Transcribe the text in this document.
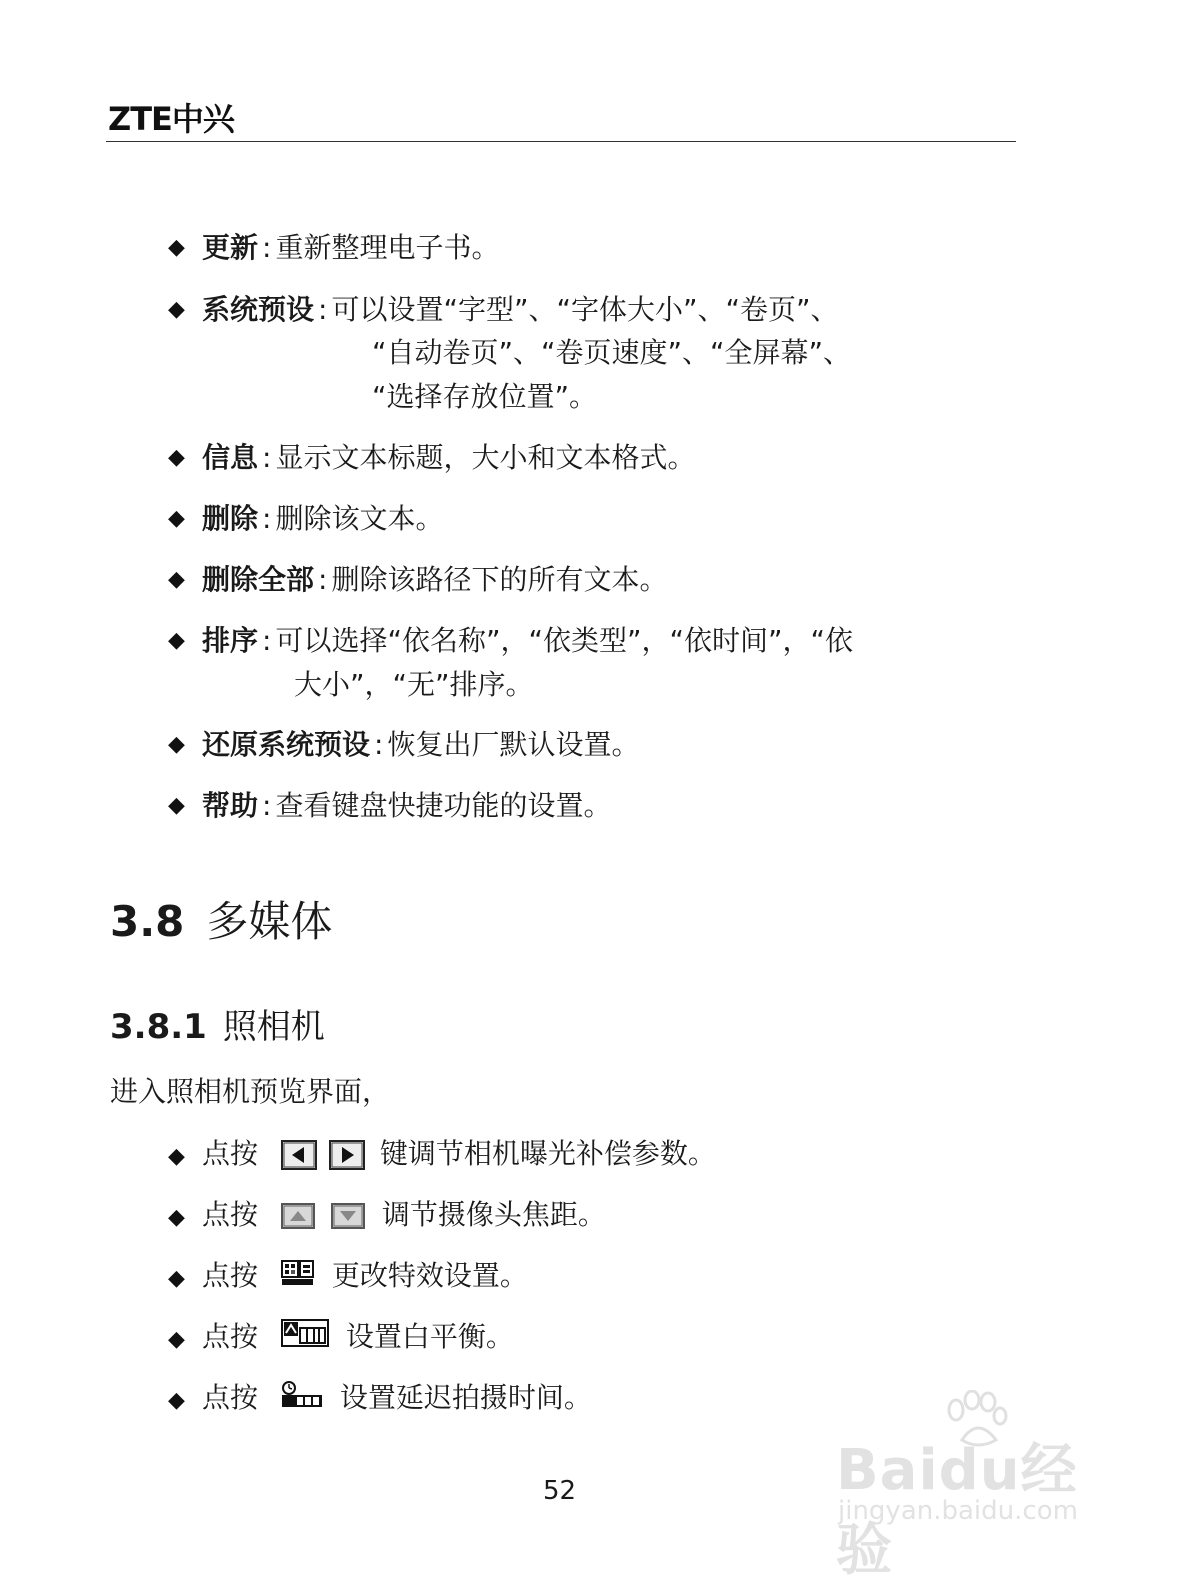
ZTE中兴
◆ 更新 : 重新整理电子书。
◆ 系统预设 : 可以设置“字型”、“字体大小”、“卷页”、
“自动卷页”、“卷页速度”、“全屏幕”、
“选择存放位置”。
◆ 信息 : 显示文本标题，大小和文本格式。
◆ 删除 : 删除该文本。
◆ 删除全部 : 删除该路径下的所有文本。
◆ 排序 : 可以选择“依名称”，“依类型”，“依时间”，“依
大小”，“无”排序。
◆ 还原系统预设 : 恢复出厂默认设置。
◆ 帮助 : 查看键盘快捷功能的设置。
3.8 多媒体
3.8.1 照相机
进入照相机预览界面，
◆ 点按	键调节相机曝光补偿参数。
◆ 点按	调节摄像头焦距。
◆ 点按	更改特效设置。
◆ 点按	设置白平衡。
◆ 点按	设置延迟拍摄时间。
52	Baidu经验
jingyan.baidu.com
